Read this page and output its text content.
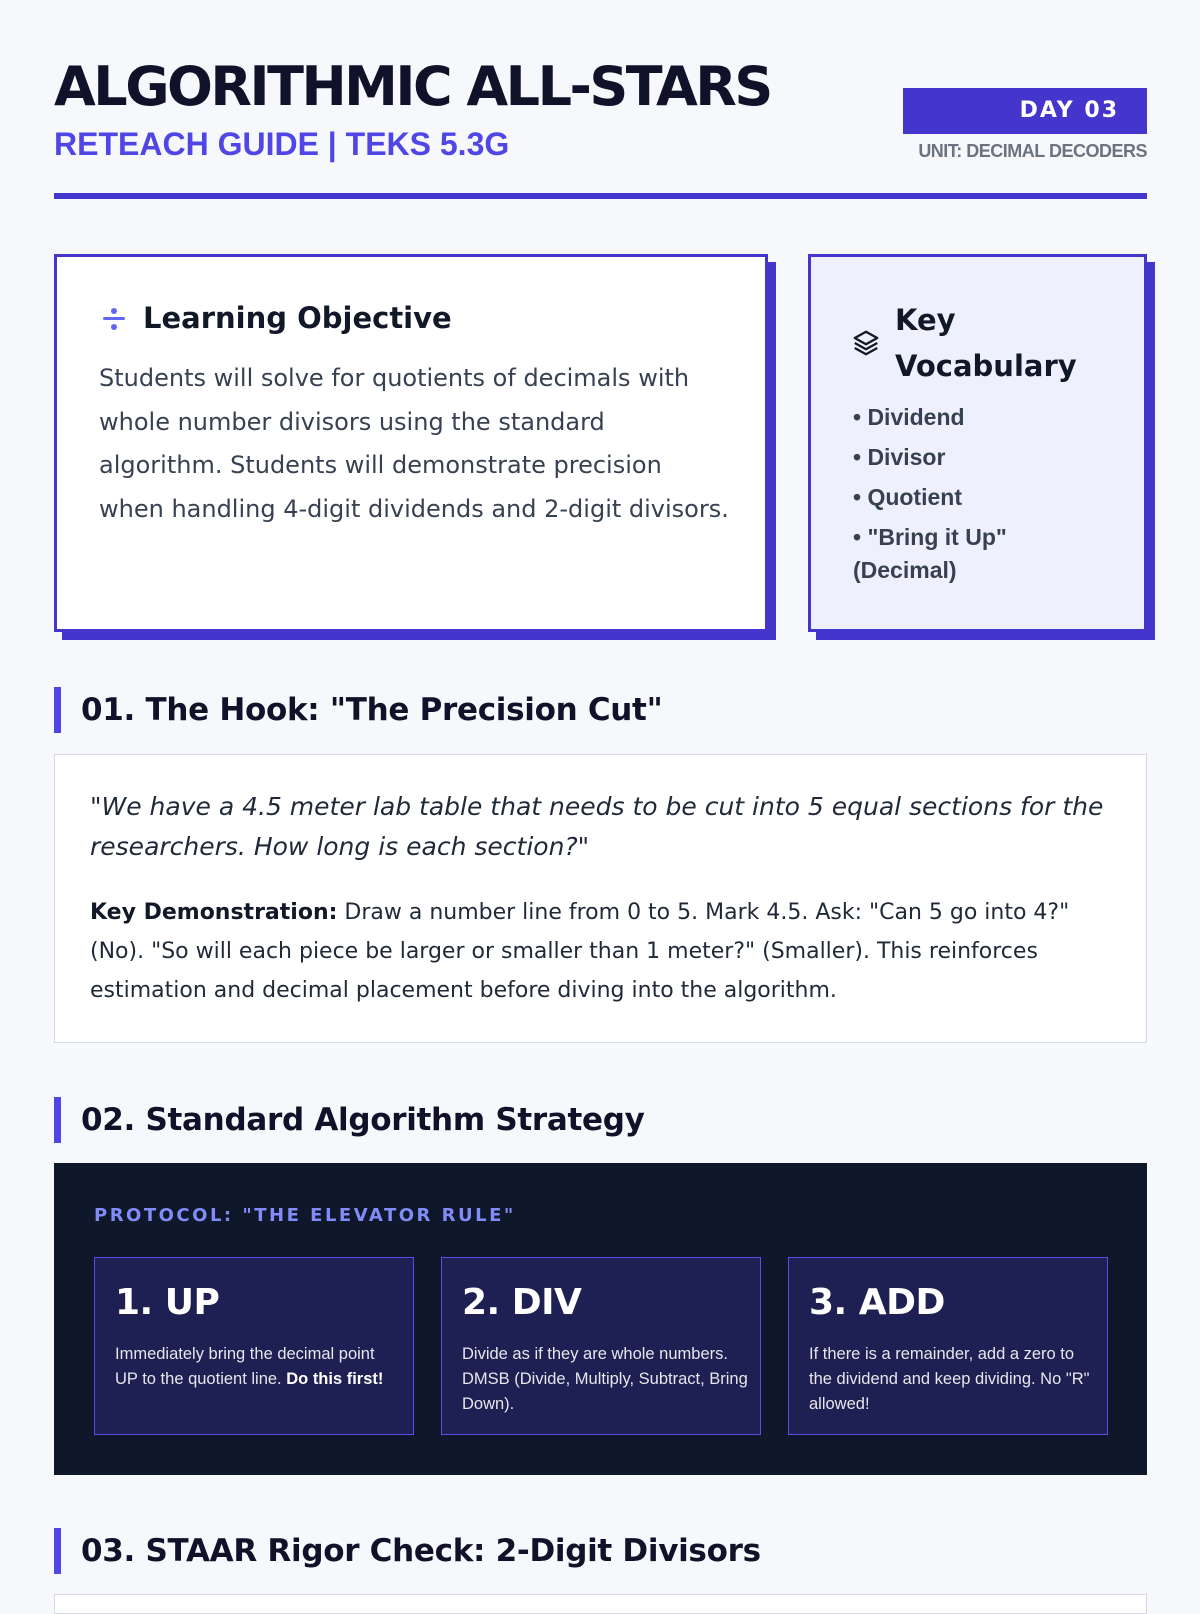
ALGORITHMIC ALL-STARS
RETEACH GUIDE | TEKS 5.3G
DAY 03
UNIT: DECIMAL DECODERS
Learning Objective

Students will solve for quotients of decimals with whole number divisors using the standard algorithm. Students will demonstrate precision when handling 4-digit dividends and 2-digit divisors.

Key
Vocabulary
• Dividend
• Divisor
• Quotient
• "Bring it Up" (Decimal)
01. The Hook: "The Precision Cut"

"We have a 4.5 meter lab table that needs to be cut into 5 equal sections for the researchers. How long is each section?"

Key Demonstration: Draw a number line from 0 to 5. Mark 4.5. Ask: "Can 5 go into 4?" (No). "So will each piece be larger or smaller than 1 meter?" (Smaller). This reinforces estimation and decimal placement before diving into the algorithm.

02. Standard Algorithm Strategy
PROTOCOL: "THE ELEVATOR RULE"
1. UP

Immediately bring the decimal point UP to the quotient line. Do this first!

2. DIV

Divide as if they are whole numbers. DMSB (Divide, Multiply, Subtract, Bring Down).

3. ADD

If there is a remainder, add a zero to the dividend and keep dividing. No "R" allowed!

03. STAAR Rigor Check: 2-Digit Divisors
